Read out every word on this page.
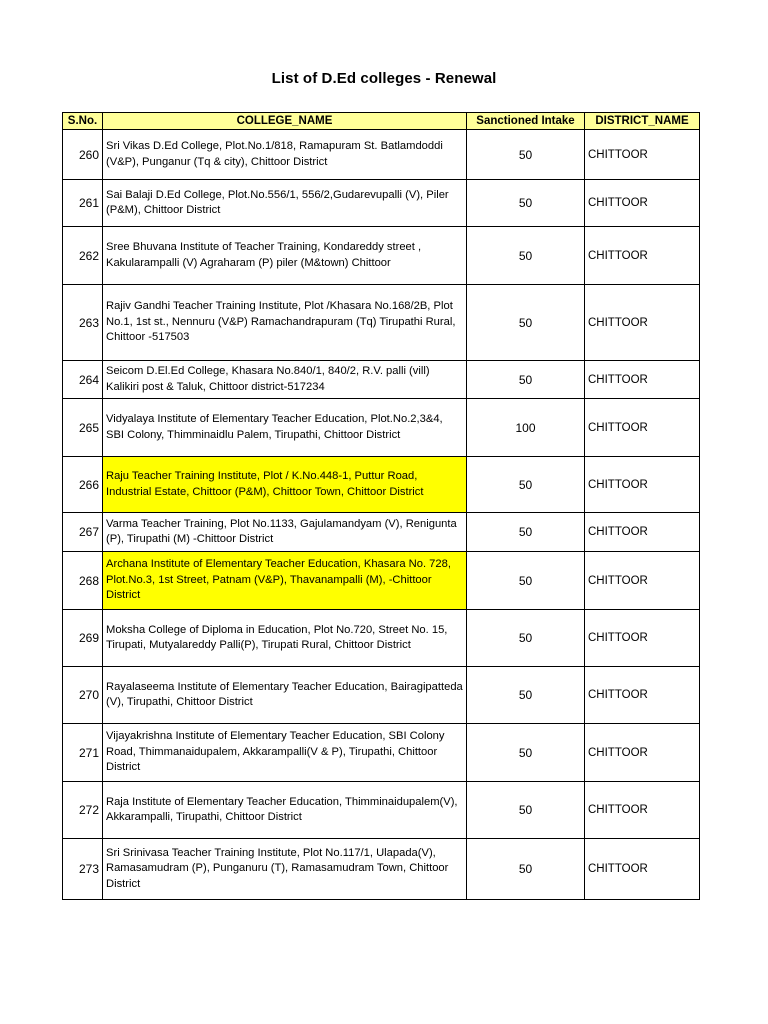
List of D.Ed colleges - Renewal
S.No.	COLLEGE_NAME	Sanctioned Intake	DISTRICT_NAME
260	Sri Vikas D.Ed College, Plot.No.1/818, Ramapuram St. Batlamdoddi (V&P), Punganur (Tq & city), Chittoor District	50	CHITTOOR
261	Sai Balaji D.Ed College, Plot.No.556/1, 556/2,Gudarevupalli (V), Piler (P&M), Chittoor District	50	CHITTOOR
262	Sree Bhuvana Institute of Teacher Training, Kondareddy street , Kakularampalli (V) Agraharam (P) piler (M&town) Chittoor	50	CHITTOOR
263	Rajiv Gandhi Teacher Training Institute, Plot /Khasara No.168/2B, Plot No.1, 1st st., Nennuru (V&P) Ramachandrapuram (Tq) Tirupathi Rural, Chittoor -517503	50	CHITTOOR
264	Seicom D.El.Ed College, Khasara No.840/1, 840/2, R.V. palli (vill) Kalikiri post & Taluk, Chittoor district-517234	50	CHITTOOR
265	Vidyalaya Institute of Elementary Teacher Education, Plot.No.2,3&4, SBI Colony, Thimminaidlu Palem, Tirupathi, Chittoor District	100	CHITTOOR
266	Raju Teacher Training Institute, Plot / K.No.448-1, Puttur Road, Industrial Estate, Chittoor (P&M), Chittoor Town, Chittoor District	50	CHITTOOR
267	Varma Teacher Training, Plot No.1133, Gajulamandyam (V), Renigunta (P), Tirupathi (M) -Chittoor District	50	CHITTOOR
268	Archana Institute of Elementary Teacher Education, Khasara No. 728, Plot.No.3, 1st Street, Patnam (V&P), Thavanampalli (M), -Chittoor District	50	CHITTOOR
269	Moksha College of Diploma in Education, Plot No.720, Street No. 15, Tirupati, Mutyalareddy Palli(P), Tirupati Rural, Chittoor District	50	CHITTOOR
270	Rayalaseema Institute of Elementary Teacher Education, Bairagipatteda (V), Tirupathi, Chittoor District	50	CHITTOOR
271	Vijayakrishna Institute of Elementary Teacher Education, SBI Colony Road, Thimmanaidupalem, Akkarampalli(V & P), Tirupathi, Chittoor District	50	CHITTOOR
272	Raja Institute of Elementary Teacher Education, Thimminaidupalem(V), Akkarampalli, Tirupathi, Chittoor District	50	CHITTOOR
273	Sri Srinivasa Teacher Training Institute, Plot No.117/1, Ulapada(V), Ramasamudram (P), Punganuru (T), Ramasamudram Town, Chittoor District	50	CHITTOOR
